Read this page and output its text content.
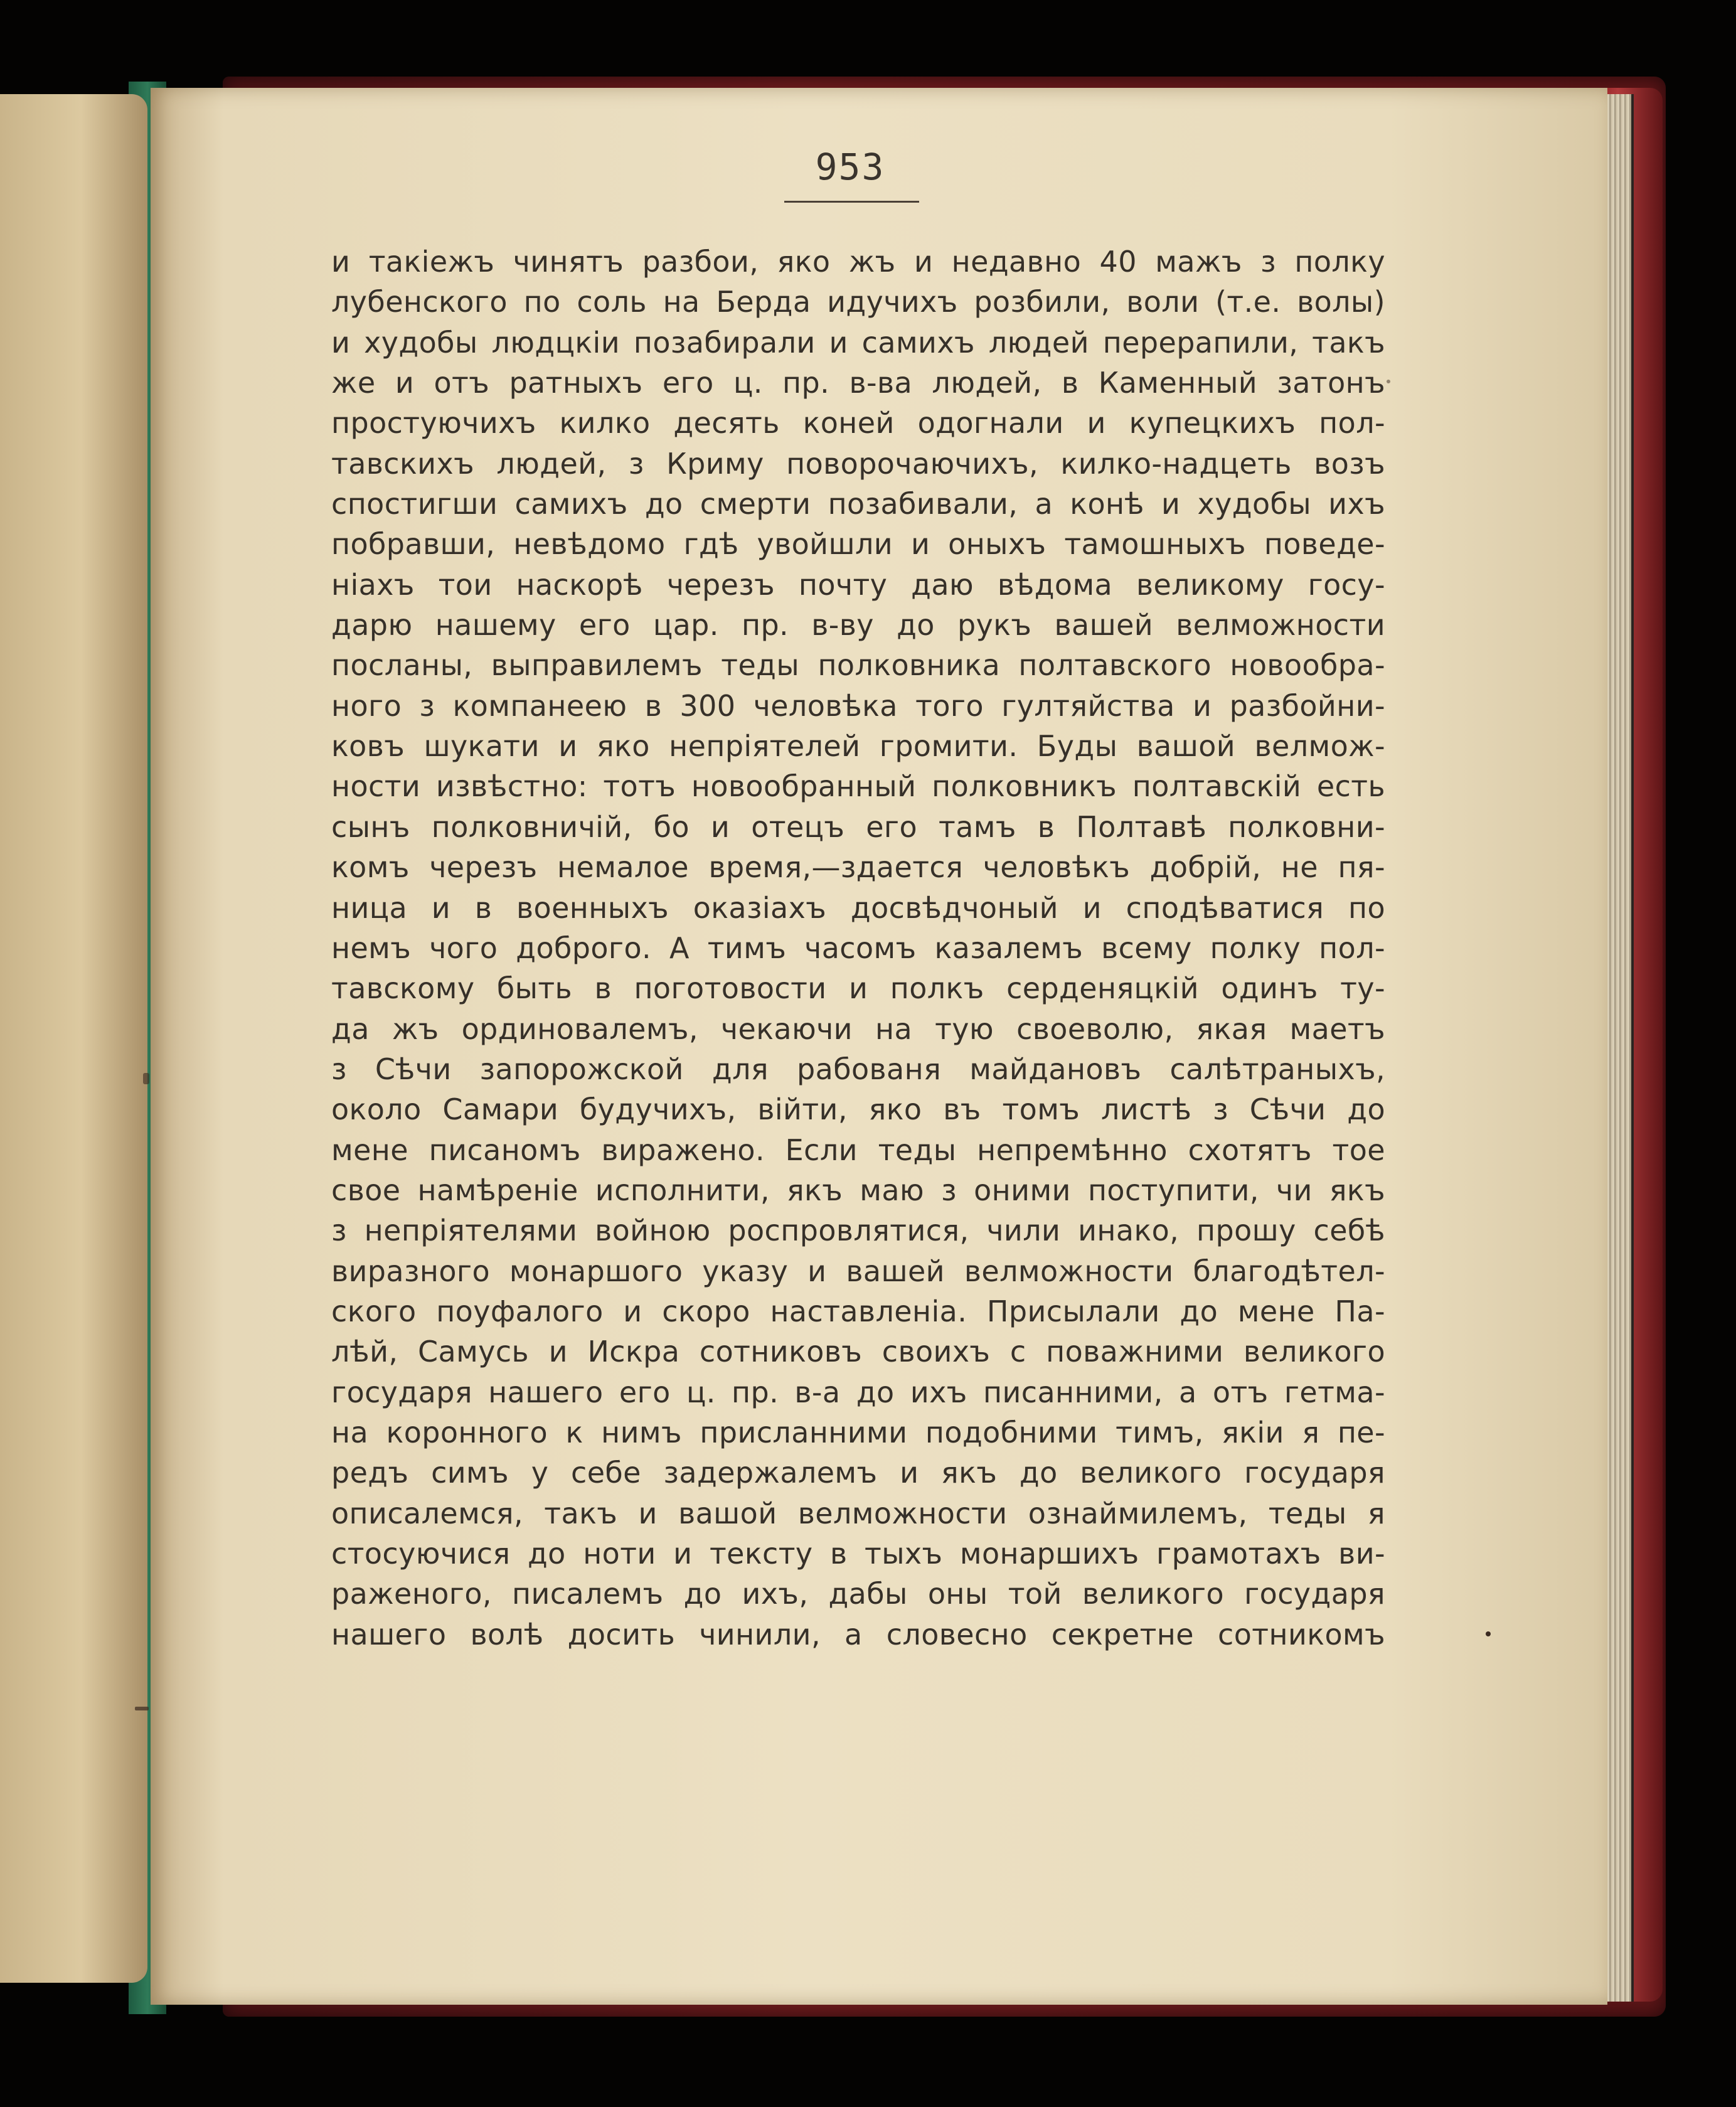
953
и такіежъ чинятъ разбои, яко жъ и недавно 40 мажъ з полку
лубенского по соль на Берда идучихъ розбили, воли (т.е. волы)
и худобы людцкіи позабирали и самихъ людей перерапили, такъ
же и отъ ратныхъ его ц. пр. в-ва людей, в Каменный затонъ
простуючихъ килко десять коней одогнали и купецкихъ пол-
тавскихъ людей, з Криму поворочаючихъ, килко-надцеть возъ
спостигши самихъ до смерти позабивали, а конѣ и худобы ихъ
побравши, невѣдомо гдѣ увойшли и оныхъ тамошныхъ поведе-
ніахъ тои наскорѣ черезъ почту даю вѣдома великому госу-
дарю нашему его цар. пр. в-ву до рукъ вашей велможности
посланы, выправилемъ теды полковника полтавского новообра-
ного з компанеею в 300 человѣка того гултяйства и разбойни-
ковъ шукати и яко непріятелей громити. Буды вашой велмож-
ности извѣстно: тотъ новообранный полковникъ полтавскій есть
сынъ полковничій, бо и отецъ его тамъ в Полтавѣ полковни-
комъ черезъ немалое время,—здается человѣкъ добрій, не пя-
ница и в военныхъ оказіахъ досвѣдчоный и сподѣватися по
немъ чого доброго. А тимъ часомъ казалемъ всему полку пол-
тавскому быть в поготовости и полкъ серденяцкій одинъ ту-
да жъ ординовалемъ, чекаючи на тую своеволю, якая маетъ
з Сѣчи запорожской для рабованя майдановъ салѣтраныхъ,
около Самари будучихъ, війти, яко въ томъ листѣ з Сѣчи до
мене писаномъ виражено. Если теды непремѣнно схотятъ тое
свое намѣреніе исполнити, якъ маю з оними поступити, чи якъ
з непріятелями войною роспровлятися, чили инако, прошу себѣ
виразного монаршого указу и вашей велможности благодѣтел-
ского поуфалого и скоро наставленіа. Присылали до мене Па-
лѣй, Самусь и Искра сотниковъ своихъ с поважними великого
государя нашего его ц. пр. в-а до ихъ писанними, а отъ гетма-
на коронного к нимъ присланними подобними тимъ, якіи я пе-
редъ симъ у себе задержалемъ и якъ до великого государя
описалемся, такъ и вашой велможности ознаймилемъ, теды я
стосуючися до ноти и тексту в тыхъ монаршихъ грамотахъ ви-
раженого, писалемъ до ихъ, дабы оны той великого государя
нашего волѣ досить чинили, а словесно секретне сотникомъ
